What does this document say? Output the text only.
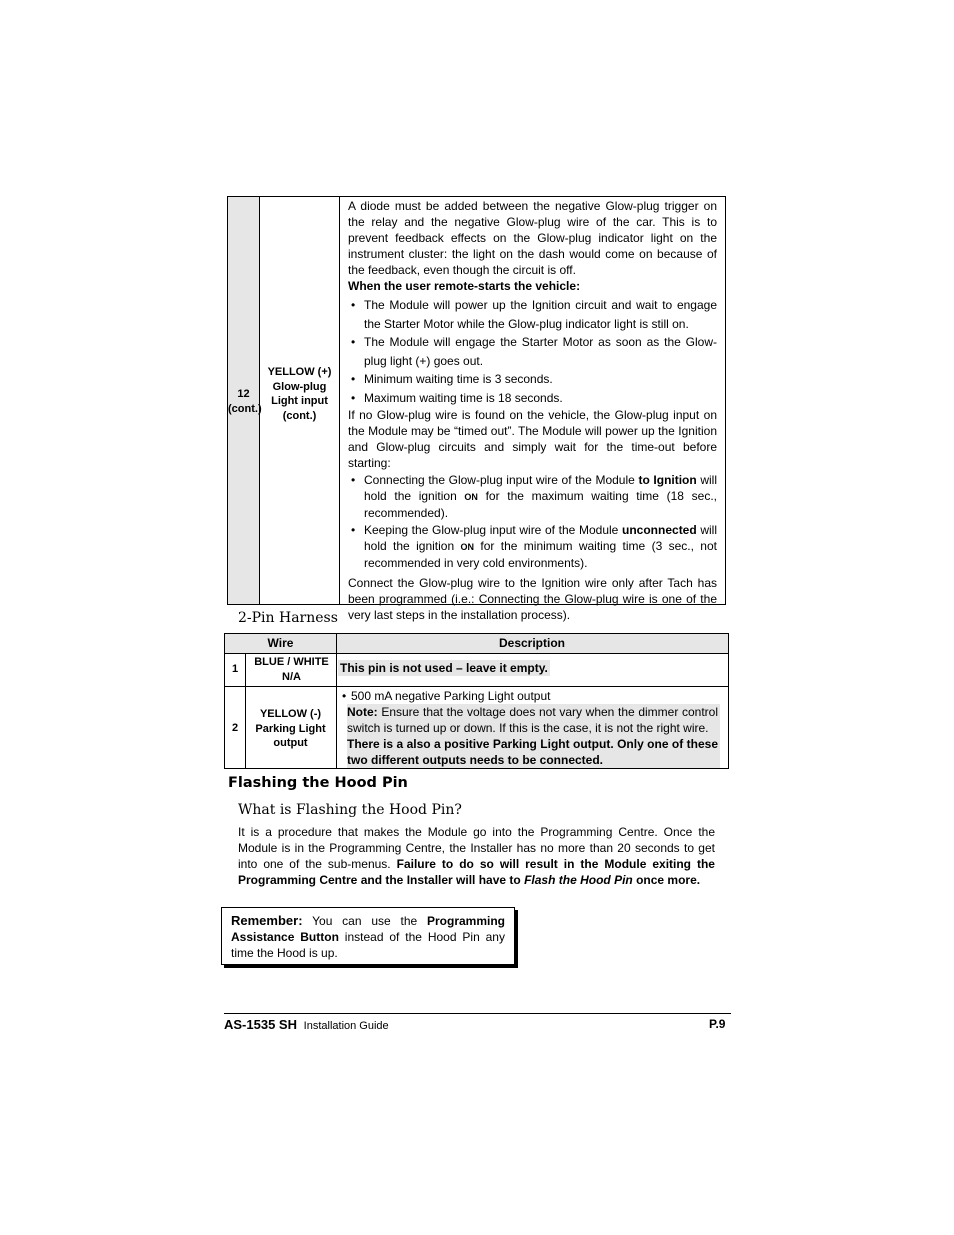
12 (cont.)
YELLOW (+) Glow-plug Light input (cont.)

A diode must be added between the negative Glow-plug trigger on the relay and the negative Glow-plug wire of the car. This is to prevent feedback effects on the Glow-plug indicator light on the instrument cluster: the light on the dash would come on because of the feedback, even though the circuit is off.

When the user remote-starts the vehicle:

• The Module will power up the Ignition circuit and wait to engage the Starter Motor while the Glow-plug indicator light is still on.
• The Module will engage the Starter Motor as soon as the Glow-plug light (+) goes out.
• Minimum waiting time is 3 seconds.
• Maximum waiting time is 18 seconds.

If no Glow-plug wire is found on the vehicle, the Glow-plug input on the Module may be “timed out”. The Module will power up the Ignition and Glow-plug circuits and simply wait for the time-out before starting:

• Connecting the Glow-plug input wire of the Module to Ignition will hold the ignition ON for the maximum waiting time (18 sec., recommended).
• Keeping the Glow-plug input wire of the Module unconnected will hold the ignition ON for the minimum waiting time (3 sec., not recommended in very cold environments).

Connect the Glow-plug wire to the Ignition wire only after Tach has been programmed (i.e.: Connecting the Glow-plug wire is one of the very last steps in the installation process).

2-Pin Harness
Wire	Description
1
BLUE / WHITE N/A
This pin is not used – leave it empty.
2
YELLOW (-) Parking Light output
• 500 mA negative Parking Light output

Note: Ensure that the voltage does not vary when the dimmer control switch is turned up or down. If this is the case, it is not the right wire.

There is a also a positive Parking Light output. Only one of these two different outputs needs to be connected.

Flashing the Hood Pin
What is Flashing the Hood Pin?

It is a procedure that makes the Module go into the Programming Centre. Once the Module is in the Programming Centre, the Installer has no more than 20 seconds to get into one of the sub-menus. Failure to do so will result in the Module exiting the Programming Centre and the Installer will have to Flash the Hood Pin once more.

Remember: You can use the Programming Assistance Button instead of the Hood Pin any time the Hood is up.

AS-1535 SH Installation Guide	P.9
